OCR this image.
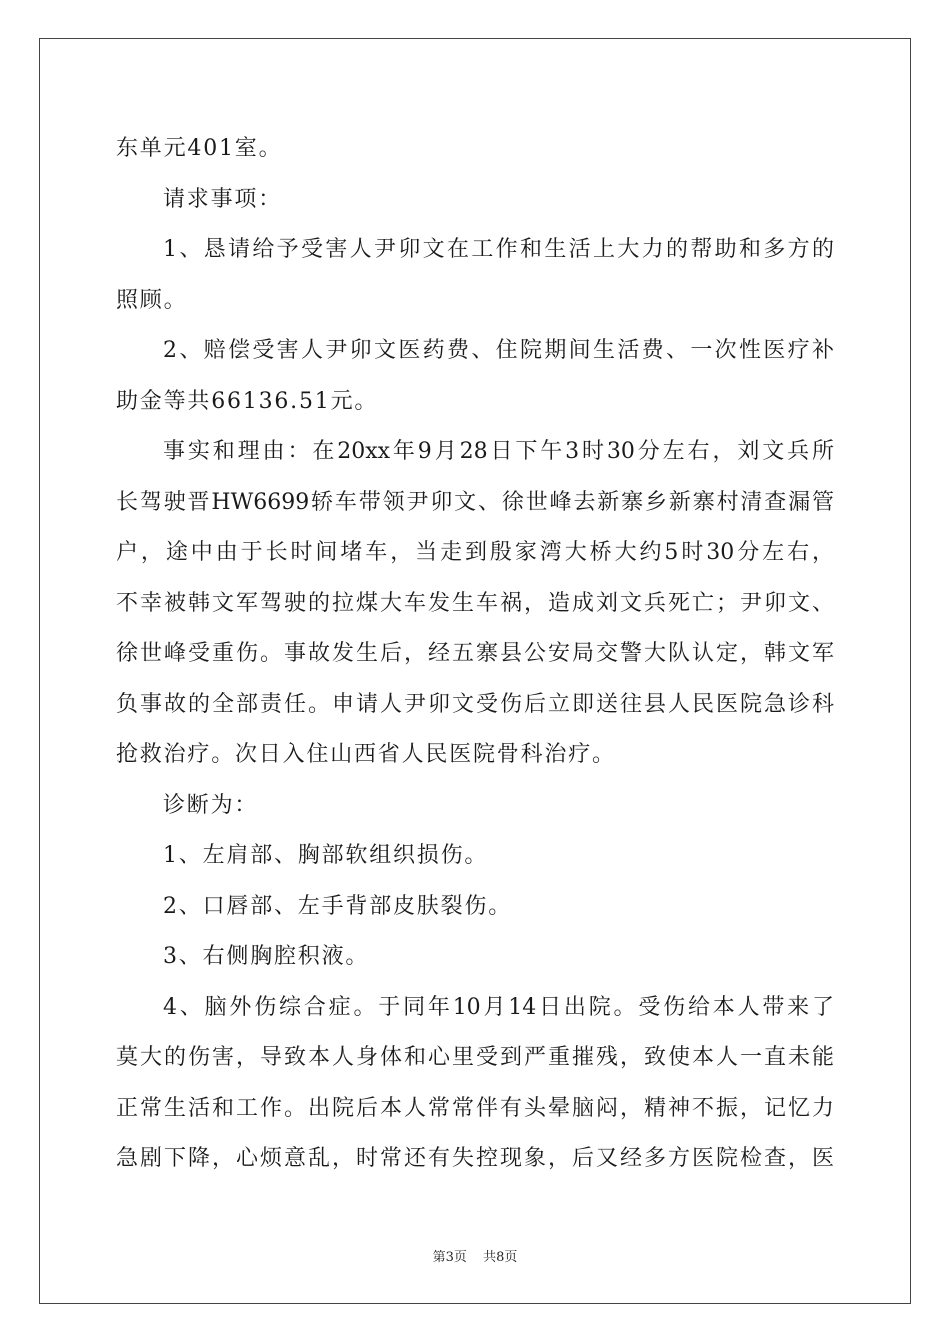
东单元401室。
请求事项：
1、恳请给予受害人尹卯文在工作和生活上大力的帮助和多方的
照顾。
2、赔偿受害人尹卯文医药费、住院期间生活费、一次性医疗补
助金等共66136.51元。
事实和理由：在20xx年9月28日下午3时30分左右，刘文兵所
长驾驶晋HW6699轿车带领尹卯文、徐世峰去新寨乡新寨村清查漏管
户，途中由于长时间堵车，当走到殷家湾大桥大约5时30分左右，
不幸被韩文军驾驶的拉煤大车发生车祸，造成刘文兵死亡；尹卯文、
徐世峰受重伤。事故发生后，经五寨县公安局交警大队认定，韩文军
负事故的全部责任。申请人尹卯文受伤后立即送往县人民医院急诊科
抢救治疗。次日入住山西省人民医院骨科治疗。
诊断为：
1、左肩部、胸部软组织损伤。
2、口唇部、左手背部皮肤裂伤。
3、右侧胸腔积液。
4、脑外伤综合症。于同年10月14日出院。受伤给本人带来了
莫大的伤害，导致本人身体和心里受到严重摧残，致使本人一直未能
正常生活和工作。出院后本人常常伴有头晕脑闷，精神不振，记忆力
急剧下降，心烦意乱，时常还有失控现象，后又经多方医院检查，医
第3页 共8页
